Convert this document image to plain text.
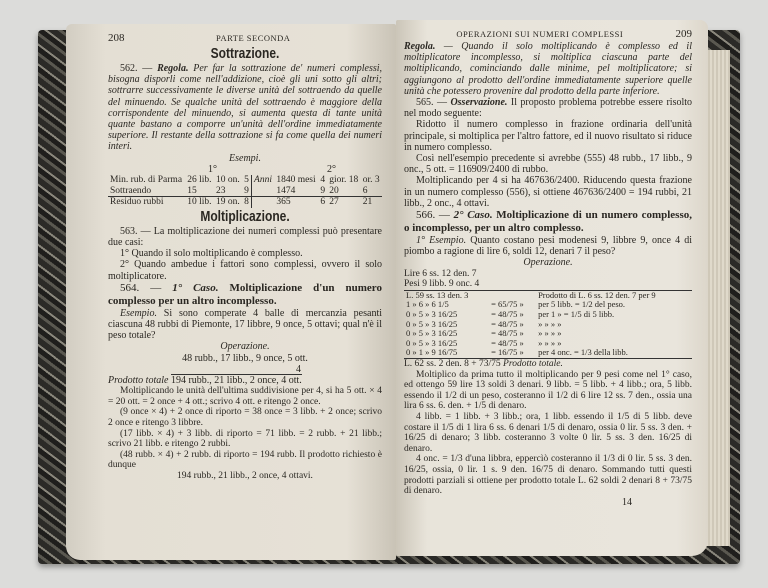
208	PARTE SECONDA
Sottrazione.
562. — Regola. Per far la sottrazione de' numeri complessi, bisogna disporli come nell'addizione, cioè gli uni sotto gli altri; sottrarre successivamente le diverse unità del sottraendo da quelle del minuendo. Se qualche unità del sottraendo è maggiore della corrispondente del minuendo, si aumenta questa di tante unità quante bastano a comporre un'unità dell'ordine immediatamente superiore. Il restante della sottrazione si fa come quella dei numeri interi.
Esempi.
1°	2°
Min. rub. di Parma	26 lib.	10 on.	5	Anni	1840 mesi	4	gior. 18	or. 3
Sottraendo	15	23	9		1474	9	20	6
Residuo rubbi	10 lib.	19 on.	8		365	6	27	21
Moltiplicazione.
563. — La moltiplicazione dei numeri complessi può presentare due casi:
1° Quando il solo moltiplicando è complesso.
2° Quando ambedue i fattori sono complessi, ovvero il solo moltiplicatore.
564. — 1° Caso. Moltiplicazione d'un numero complesso per un altro incomplesso.
Esempio. Si sono comperate 4 balle di mercanzia pesanti ciascuna 48 rubbi di Piemonte, 17 libbre, 9 once, 5 ottavi; qual n'è il peso totale?
Operazione.
48 rubb., 17 libb., 9 once, 5 ott.
4
Prodotto totale 194 rubb., 21 libb., 2 once, 4 ott.
Moltiplicando le unità dell'ultima suddivisione per 4, si ha 5 ott. × 4 = 20 ott. = 2 once + 4 ott.; scrivo 4 ott. e ritengo 2 once.
(9 once × 4) + 2 once di riporto = 38 once = 3 libb. + 2 once; scrivo 2 once e ritengo 3 libbre.
(17 libb. × 4) + 3 libb. di riporto = 71 libb. = 2 rubb. + 21 libb.; scrivo 21 libb. e ritengo 2 rubbi.
(48 rubb. × 4) + 2 rubb. di riporto = 194 rubb. Il prodotto richiesto è dunque
194 rubb., 21 libb., 2 once, 4 ottavi.
OPERAZIONI SUI NUMERI COMPLESSI	209
Regola. — Quando il solo moltiplicando è complesso ed il moltiplicatore incomplesso, si moltiplica ciascuna parte del moltiplicando, cominciando dalle minime, pel moltiplicatore; si aggiungono al prodotto dell'ordine immediatamente superiore quelle unità che potessero provenire dal prodotto della parte inferiore.
565. — Osservazione. Il proposto problema potrebbe essere risolto nel modo seguente:
Ridotto il numero complesso in frazione ordinaria dell'unità principale, si moltiplica per l'altro fattore, ed il nuovo risultato si riduce in numero complesso.
Così nell'esempio precedente si avrebbe (555) 48 rubb., 17 libb., 9 onc., 5 ott. = 116909/2400 di rubbo.
Moltiplicando per 4 si ha 467636/2400. Riducendo questa frazione in un numero complesso (556), si ottiene 467636/2400 = 194 rubbi, 21 libb., 2 onc., 4 ottavi.
566. — 2° Caso. Moltiplicazione di un numero complesso, o incomplesso, per un altro complesso.
1° Esempio. Quanto costano pesi modenesi 9, libbre 9, once 4 di piombo a ragione di lire 6, soldi 12, denari 7 il peso?
Operazione.
Lire 6 ss. 12 den. 7
Pesi 9 libb. 9 onc. 4
L. 59 ss. 13 den. 3		Prodotto di L. 6 ss. 12 den. 7 per 9
1 » 6 » 6 1/5	= 65/75 »	per 5 libb. = 1/2 del peso.
0 » 5 » 3 16/25	= 48/75 »	per 1 » = 1/5 di 5 libb.
0 » 5 » 3 16/25	= 48/75 »	» » » »
0 » 5 » 3 16/25	= 48/75 »	» » » »
0 » 5 » 3 16/25	= 48/75 »	» » » »
0 » 1 » 9 16/75	= 16/75 »	per 4 onc. = 1/3 della libb.
L. 62 ss. 2 den. 8 + 73/75 Prodotto totale.
Moltiplico da prima tutto il moltiplicando per 9 pesi come nel 1° caso, ed ottengo 59 lire 13 soldi 3 denari. 9 libb. = 5 libb. + 4 libb.; ora, 5 libb. essendo il 1/2 di un peso, costeranno il 1/2 di 6 lire 12 ss. 7 den., ossia una lira 6 ss. 6. den. + 1/5 di denaro.
4 libb. = 1 libb. + 3 libb.; ora, 1 libb. essendo il 1/5 di 5 libb. deve costare il 1/5 di 1 lira 6 ss. 6 denari 1/5 di denaro, ossia 0 lir. 5 ss. 3 den. + 16/25 di denaro; 3 libb. costeranno 3 volte 0 lir. 5 ss. 3 den. 16/25 di denaro.
4 onc. = 1/3 d'una libbra, eppercìò costeranno il 1/3 di 0 lir. 5 ss. 3 den. 16/25, ossia, 0 lir. 1 s. 9 den. 16/75 di denaro. Sommando tutti questi prodotti parziali si ottiene per prodotto totale L. 62 soldi 2 denari 8 + 73/75 di denaro.
14
